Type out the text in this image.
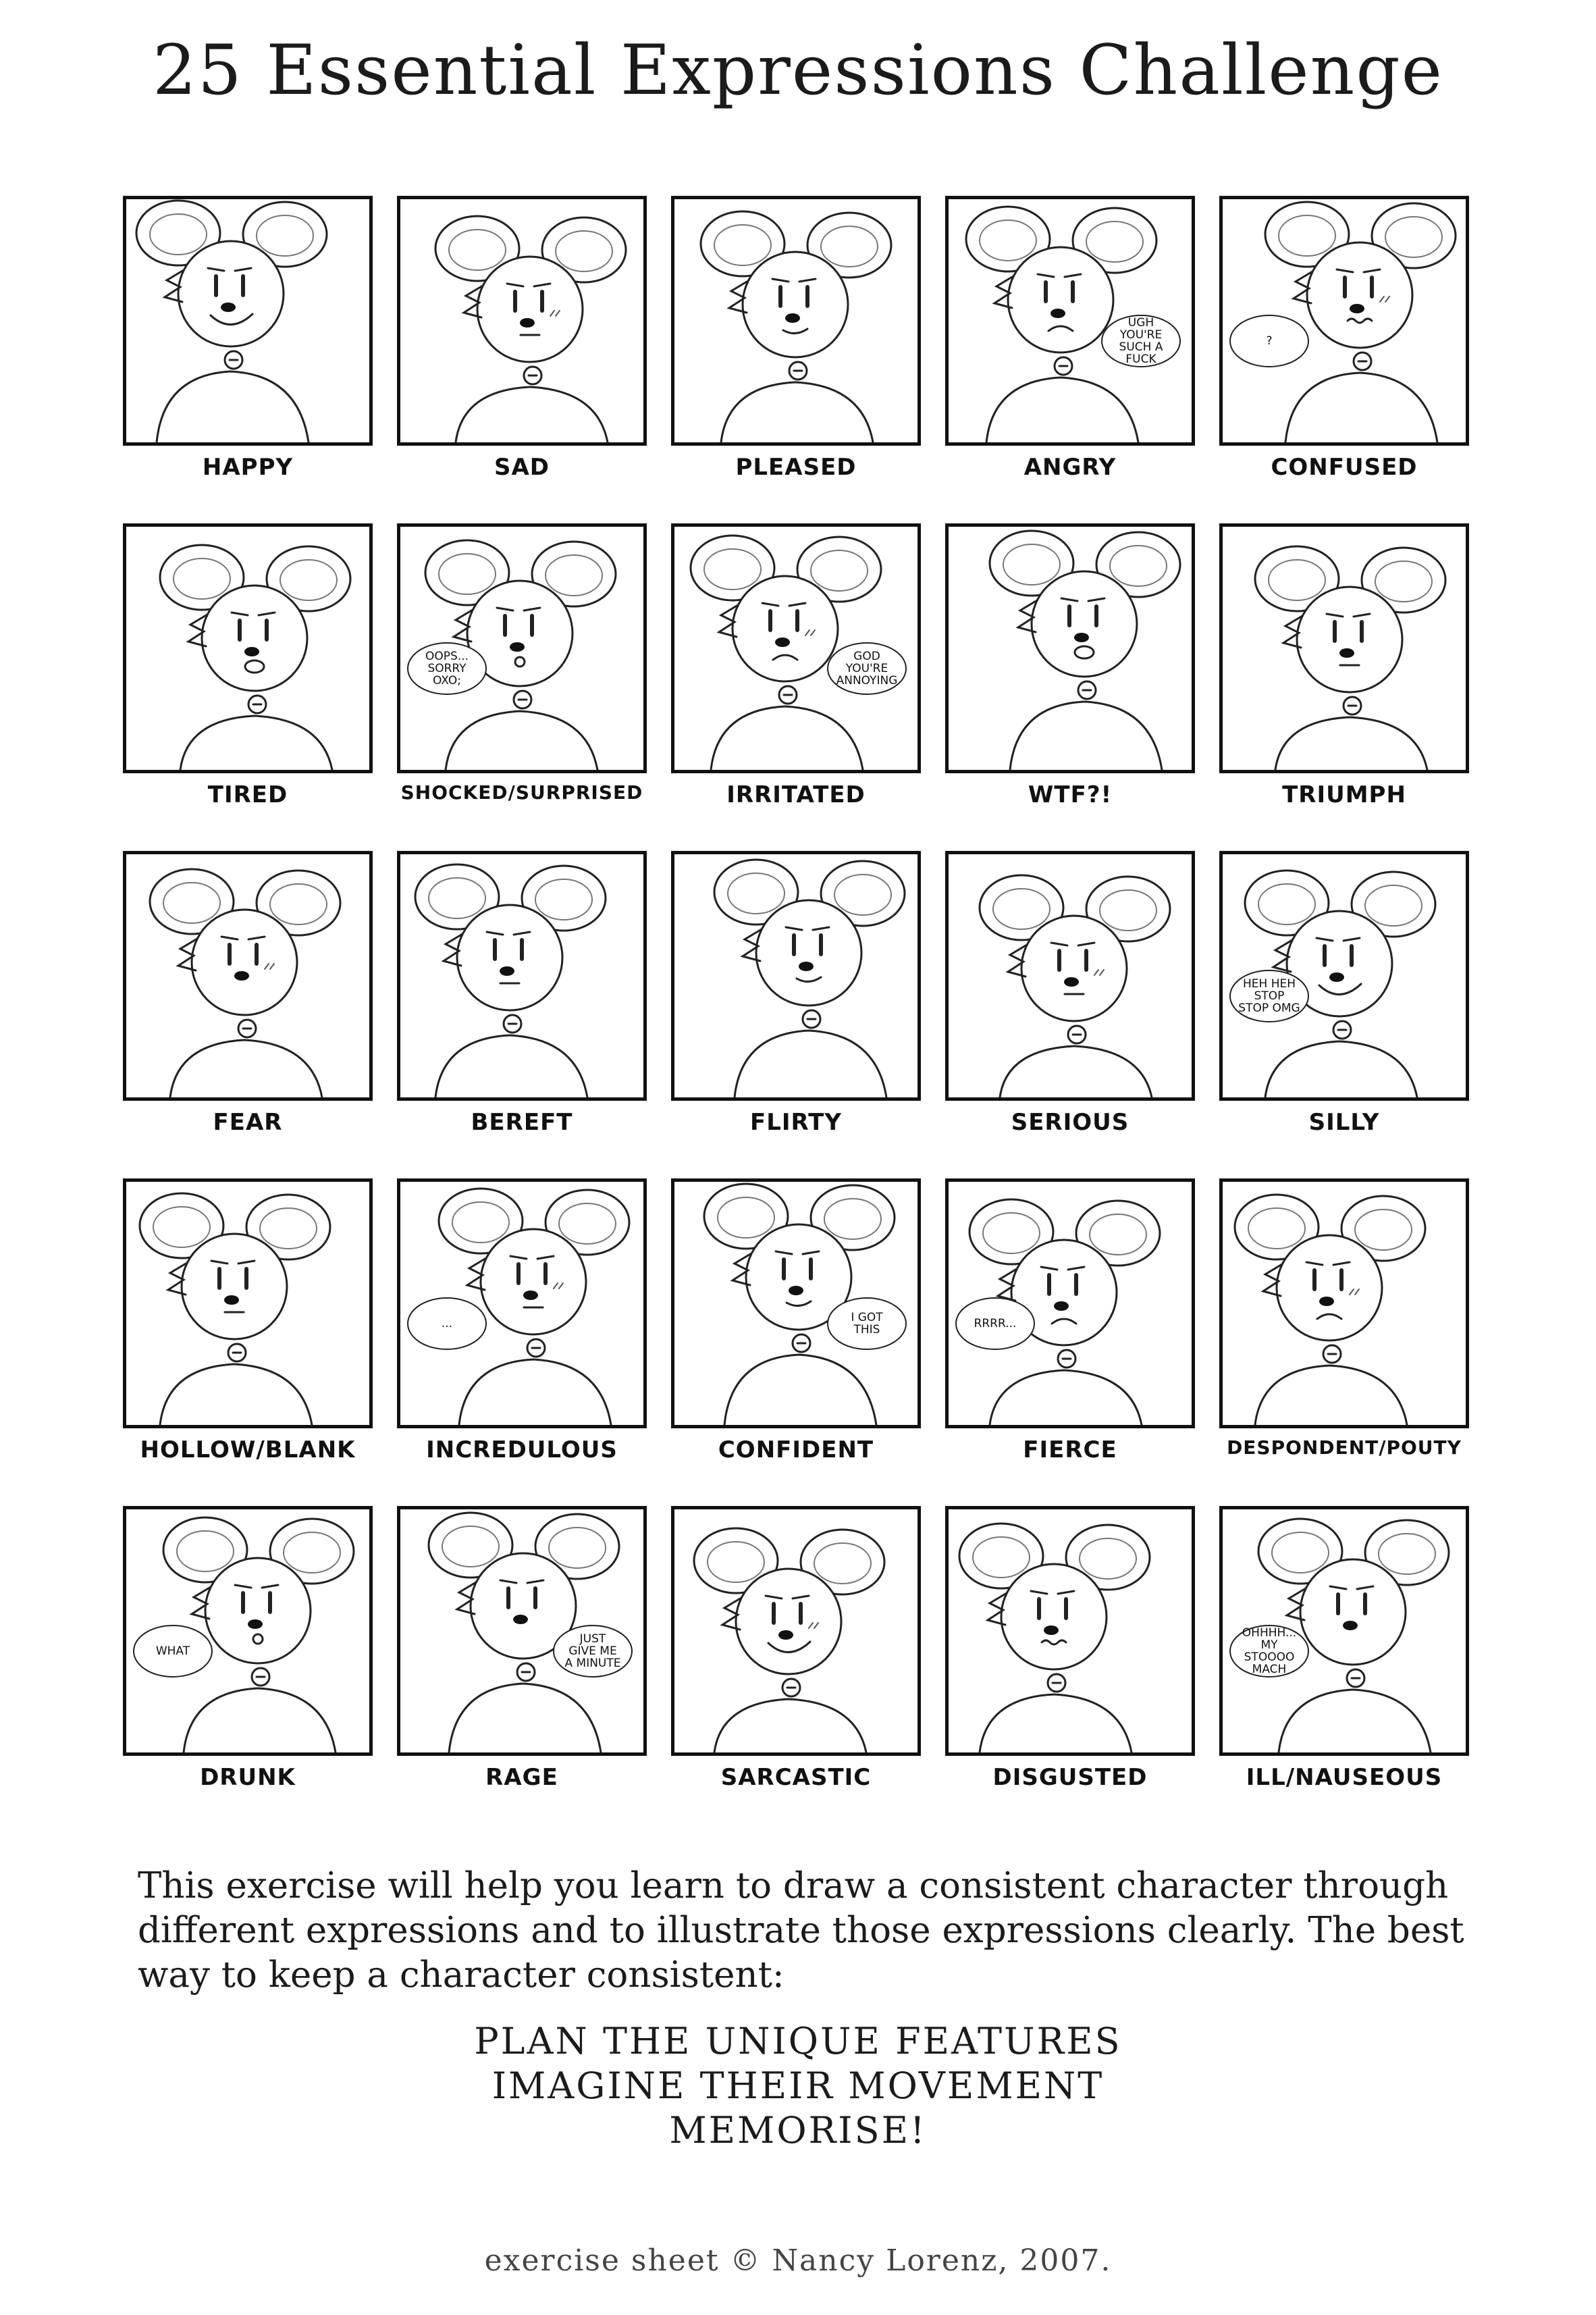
25 Essential Expressions Challenge
HAPPY	SAD	PLEASED
UGH YOU'RE SUCH A FUCK
ANGRY
?
CONFUSED
TIRED
OOPS... SORRY OXO;
SHOCKED/SURPRISED
GOD YOU'RE ANNOYING
IRRITATED	WTF?!	TRIUMPH
FEAR	BEREFT	FLIRTY	SERIOUS
HEH HEH STOP STOP OMG
SILLY
HOLLOW/BLANK
...
INCREDULOUS
I GOT THIS
CONFIDENT
RRRR...
FIERCE	DESPONDENT/POUTY
WHAT
DRUNK
JUST GIVE ME A MINUTE
RAGE	SARCASTIC	DISGUSTED
OHHHH... MY STOOOO MACH
ILL/NAUSEOUS

This exercise will help you learn to draw a consistent character through different expressions and to illustrate those expressions clearly. The best way to keep a character consistent:

PLAN THE UNIQUE FEATURES
IMAGINE THEIR MOVEMENT
MEMORISE!
exercise sheet © Nancy Lorenz, 2007.
